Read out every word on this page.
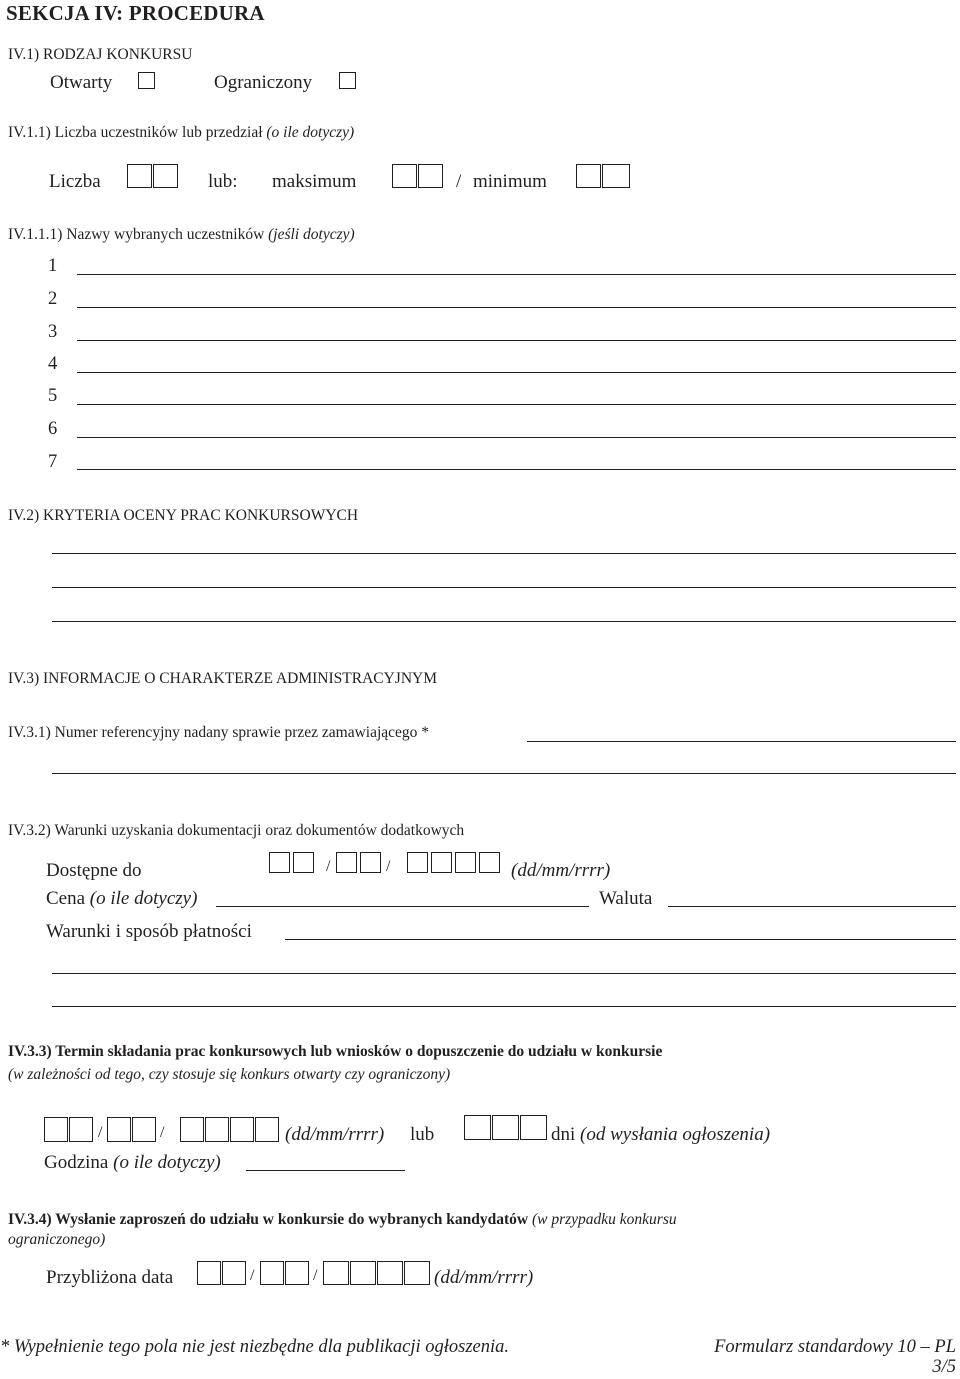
SEKCJA IV: PROCEDURA
IV.1) RODZAJ KONKURSU
Otwarty	Ograniczony
IV.1.1) Liczba uczestników lub przedział (o ile dotyczy)
Liczba	lub: maksimum	/ minimum
IV.1.1.1) Nazwy wybranych uczestników (jeśli dotyczy)
1
2
3
4
5
6
7
IV.2) KRYTERIA OCENY PRAC KONKURSOWYCH
IV.3) INFORMACJE O CHARAKTERZE ADMINISTRACYJNYM
IV.3.1) Numer referencyjny nadany sprawie przez zamawiającego *
IV.3.2) Warunki uzyskania dokumentacji oraz dokumentów dodatkowych
Dostępne do	/	/	(dd/mm/rrrr)
Cena (o ile dotyczy)	Waluta
Warunki i sposób płatności
IV.3.3) Termin składania prac konkursowych lub wniosków o dopuszczenie do udziału w konkursie
(w zależności od tego, czy stosuje się konkurs otwarty czy ograniczony)
/	/	(dd/mm/rrrr) lub	dni (od wysłania ogłoszenia)
Godzina (o ile dotyczy)
IV.3.4) Wysłanie zaproszeń do udziału w konkursie do wybranych kandydatów (w przypadku konkursu
ograniczonego)
Przybliżona data	/	/	(dd/mm/rrrr)
* Wypełnienie tego pola nie jest niezbędne dla publikacji ogłoszenia.	Formularz standardowy 10 – PL
3/5
